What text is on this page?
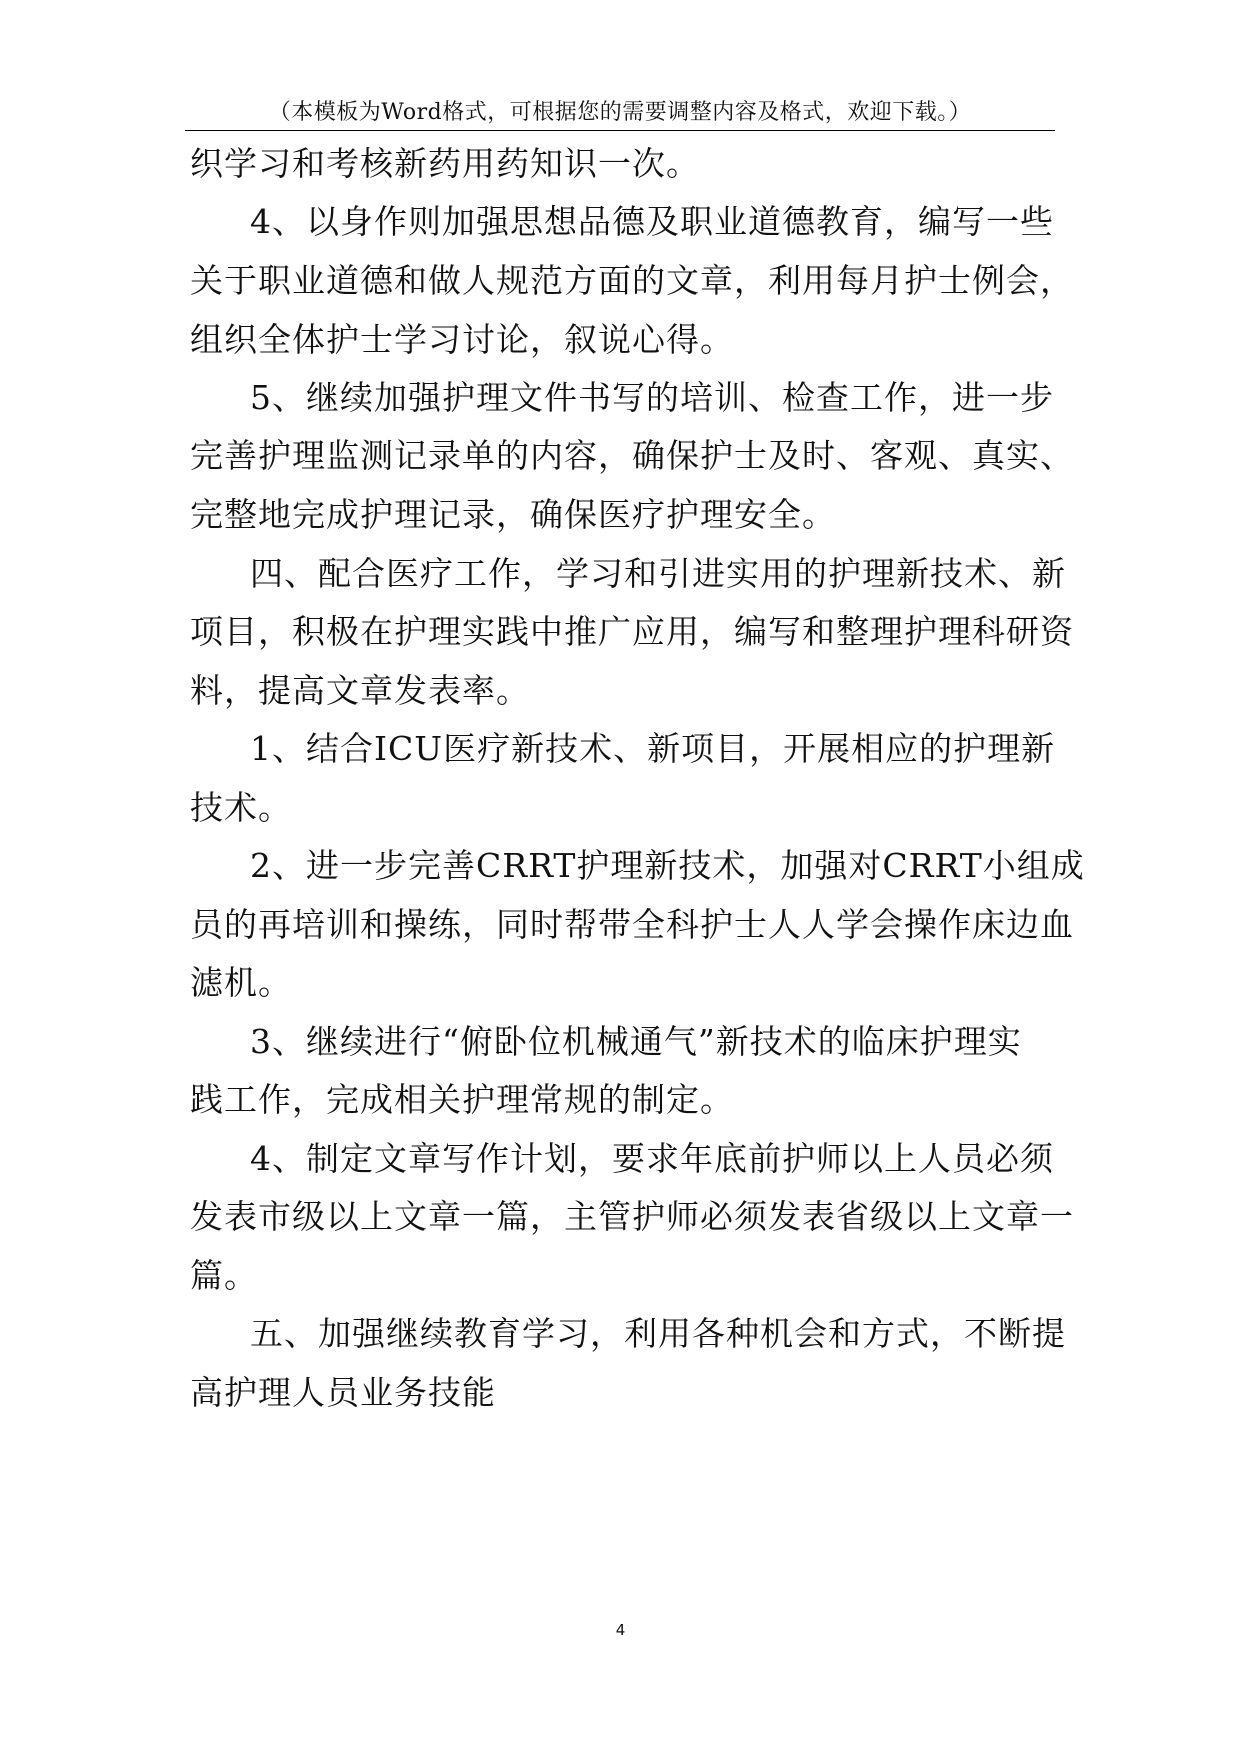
（本模板为Word格式，可根据您的需要调整内容及格式，欢迎下载。）

织学习和考核新药用药知识一次。

4、以身作则加强思想品德及职业道德教育，编写一些

关于职业道德和做人规范方面的文章，利用每月护士例会，

组织全体护士学习讨论，叙说心得。

5、继续加强护理文件书写的培训、检查工作，进一步

完善护理监测记录单的内容，确保护士及时、客观、真实、

完整地完成护理记录，确保医疗护理安全。

四、配合医疗工作，学习和引进实用的护理新技术、新

项目，积极在护理实践中推广应用，编写和整理护理科研资

料，提高文章发表率。

1、结合ICU医疗新技术、新项目，开展相应的护理新

技术。

2、进一步完善CRRT护理新技术，加强对CRRT小组成

员的再培训和操练，同时帮带全科护士人人学会操作床边血

滤机。

3、继续进行“俯卧位机械通气”新技术的临床护理实

践工作，完成相关护理常规的制定。

4、制定文章写作计划，要求年底前护师以上人员必须

发表市级以上文章一篇，主管护师必须发表省级以上文章一

篇。

五、加强继续教育学习，利用各种机会和方式，不断提

高护理人员业务技能

4
